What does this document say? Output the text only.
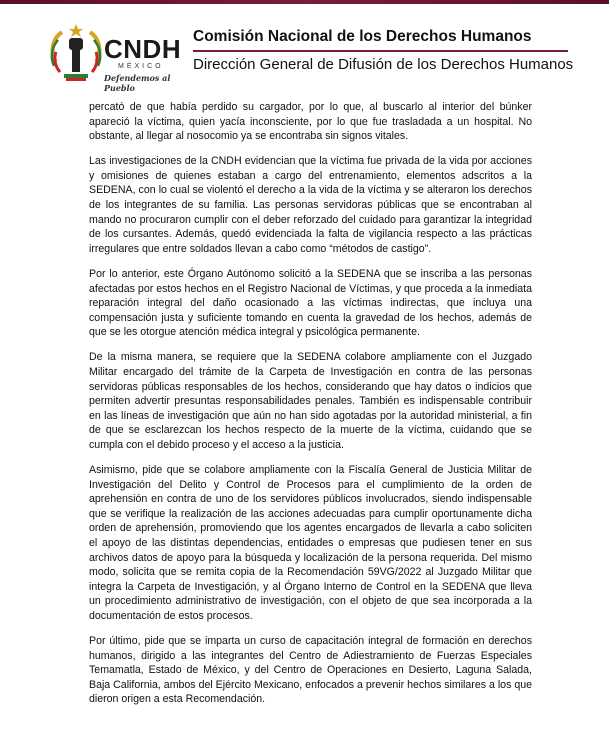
CNDH
MÉXICO
Defendemos al Pueblo
Comisión Nacional de los Derechos Humanos
Dirección General de Difusión de los Derechos Humanos

percató de que había perdido su cargador, por lo que, al buscarlo al interior del búnker apareció la víctima, quien yacía inconsciente, por lo que fue trasladada a un hospital. No obstante, al llegar al nosocomio ya se encontraba sin signos vitales.

Las investigaciones de la CNDH evidencian que la víctima fue privada de la vida por acciones y omisiones de quienes estaban a cargo del entrenamiento, elementos adscritos a la SEDENA, con lo cual se violentó el derecho a la vida de la víctima y se alteraron los derechos de los integrantes de su familia. Las personas servidoras públicas que se encontraban al mando no procuraron cumplir con el deber reforzado del cuidado para garantizar la integridad de los cursantes. Además, quedó evidenciada la falta de vigilancia respecto a las prácticas irregulares que entre soldados llevan a cabo como “métodos de castigo”.

Por lo anterior, este Órgano Autónomo solicitó a la SEDENA que se inscriba a las personas afectadas por estos hechos en el Registro Nacional de Víctimas, y que proceda a la inmediata reparación integral del daño ocasionado a las víctimas indirectas, que incluya una compensación justa y suficiente tomando en cuenta la gravedad de los hechos, además de que se les otorgue atención médica integral y psicológica permanente.

De la misma manera, se requiere que la SEDENA colabore ampliamente con el Juzgado Militar encargado del trámite de la Carpeta de Investigación en contra de las personas servidoras públicas responsables de los hechos, considerando que hay datos o indicios que permiten advertir presuntas responsabilidades penales. También es indispensable contribuir en las líneas de investigación que aún no han sido agotadas por la autoridad ministerial, a fin de que se esclarezcan los hechos respecto de la muerte de la víctima, cuidando que se cumpla con el debido proceso y el acceso a la justicia.

Asimismo, pide que se colabore ampliamente con la Fiscalía General de Justicia Militar de Investigación del Delito y Control de Procesos para el cumplimiento de la orden de aprehensión en contra de uno de los servidores públicos involucrados, siendo indispensable que se verifique la realización de las acciones adecuadas para cumplir oportunamente dicha orden de aprehensión, promoviendo que los agentes encargados de llevarla a cabo soliciten el apoyo de las distintas dependencias, entidades o empresas que pudiesen tener en sus archivos datos de apoyo para la búsqueda y localización de la persona requerida. Del mismo modo, solicita que se remita copia de la Recomendación 59VG/2022 al Juzgado Militar que integra la Carpeta de Investigación, y al Órgano Interno de Control en la SEDENA que lleva un procedimiento administrativo de investigación, con el objeto de que sea incorporada a la documentación de estos procesos.

Por último, pide que se imparta un curso de capacitación integral de formación en derechos humanos, dirigido a las integrantes del Centro de Adiestramiento de Fuerzas Especiales Temamatla, Estado de México, y del Centro de Operaciones en Desierto, Laguna Salada, Baja California, ambos del Ejército Mexicano, enfocados a prevenir hechos similares a los que dieron origen a esta Recomendación.
